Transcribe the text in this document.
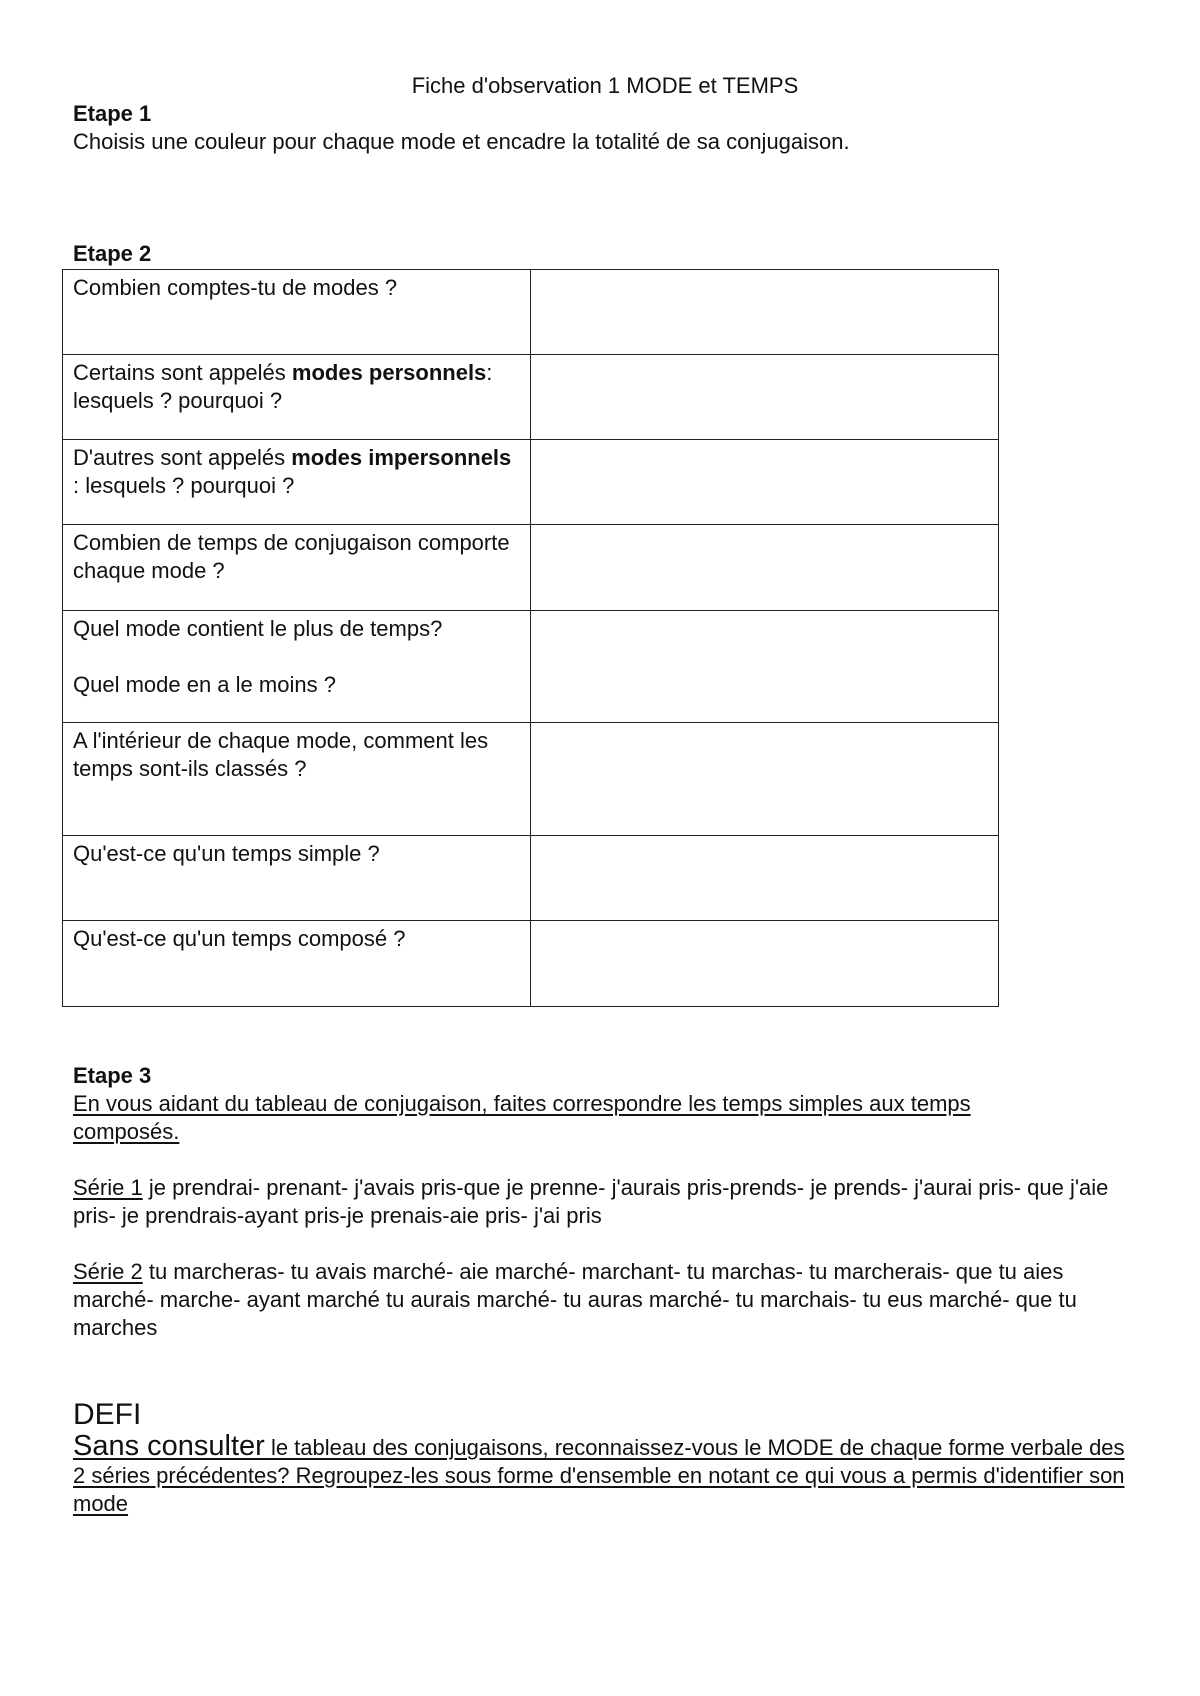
Fiche d'observation 1 MODE et TEMPS
Etape 1
Choisis une couleur pour chaque mode et encadre la totalité de sa conjugaison.
Etape 2
Combien comptes-tu de modes ?	
Certains sont appelés modes personnels: lesquels ? pourquoi ?	
D'autres sont appelés modes impersonnels : lesquels ? pourquoi ?	
Combien de temps de conjugaison comporte chaque mode ?	
Quel mode contient le plus de temps?
Quel mode en a le moins ?	
A l'intérieur de chaque mode, comment les temps sont-ils classés ?	
Qu'est-ce qu'un temps simple ?	
Qu'est-ce qu'un temps composé ?	
Etape 3
En vous aidant du tableau de conjugaison, faites correspondre les temps simples aux temps composés.
Série 1 je prendrai- prenant- j'avais pris-que je prenne- j'aurais pris-prends- je prends- j'aurai pris- que j'aie pris- je prendrais-ayant pris-je prenais-aie pris- j'ai pris
Série 2 tu marcheras- tu avais marché- aie marché- marchant- tu marchas- tu marcherais- que tu aies marché- marche- ayant marché tu aurais marché- tu auras marché- tu marchais- tu eus marché- que tu marches
DEFI
Sans consulter le tableau des conjugaisons, reconnaissez-vous le MODE de chaque forme verbale des 2 séries précédentes? Regroupez-les sous forme d'ensemble en notant ce qui vous a permis d'identifier son mode
